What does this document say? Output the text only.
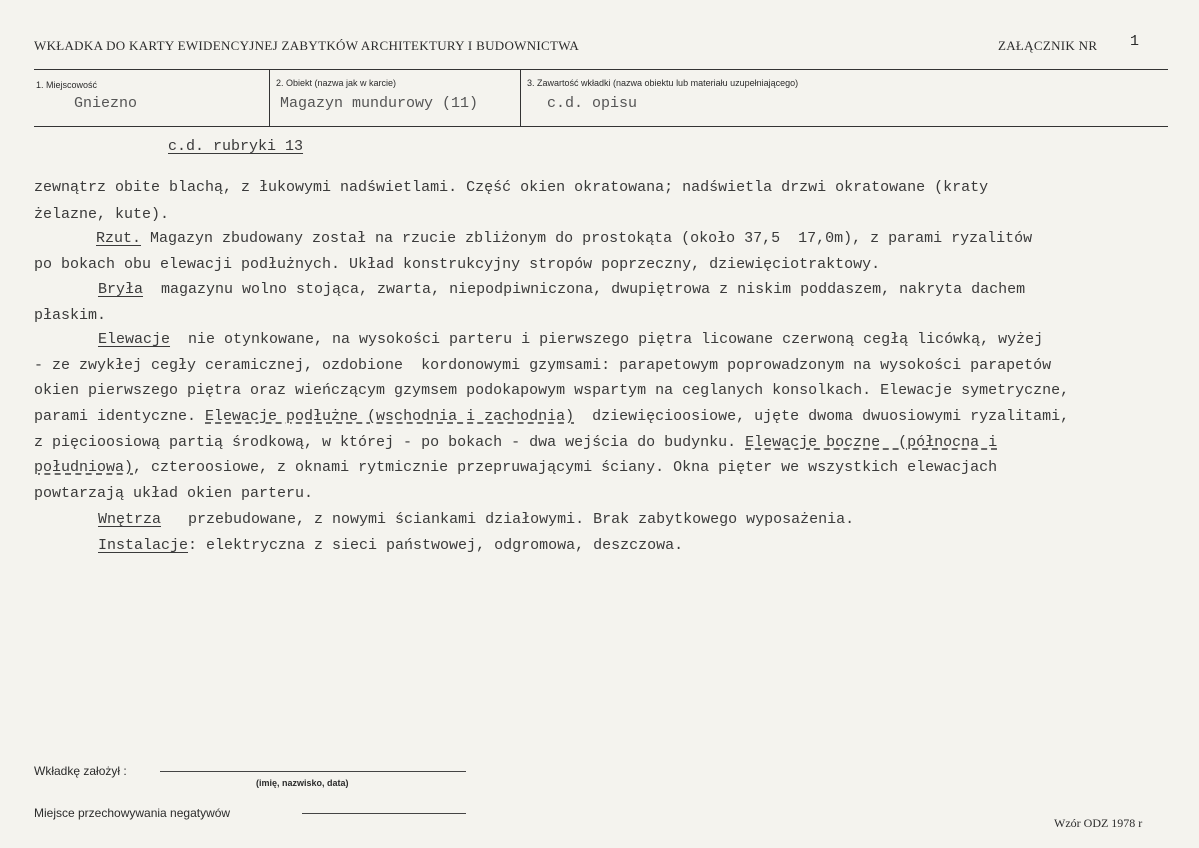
WKŁADKA DO KARTY EWIDENCYJNEJ ZABYTKÓW ARCHITEKTURY I BUDOWNICTWA	ZAŁĄCZNIK NR 1
1. Miejscowość
Gniezno
2. Obiekt (nazwa jak w karcie)
Magazyn mundurowy (11)
3. Zawartość wkładki (nazwa obiektu lub materiału uzupełniającego)
c.d. opisu
c.d. rubryki 13
zewnątrz obite blachą, z łukowymi nadświetlami. Część okien okratowana; nadświetla drzwi okratowane (kraty
żelazne, kute).
Rzut. Magazyn zbudowany został na rzucie zbliżonym do prostokąta (około 37,5  17,0m), z parami ryzalitów
po bokach obu elewacji podłużnych. Układ konstrukcyjny stropów poprzeczny, dziewięciotraktowy.
Bryła  magazynu wolno stojąca, zwarta, niepodpiwniczona, dwupiętrowa z niskim poddaszem, nakryta dachem
płaskim.
Elewacje  nie otynkowane, na wysokości parteru i pierwszego piętra licowane czerwoną cegłą licówką, wyżej
- ze zwykłej cegły ceramicznej, ozdobione  kordonowymi gzymsami: parapetowym poprowadzonym na wysokości parapetów
okien pierwszego piętra oraz wieńczącym gzymsem podokapowym wspartym na ceglanych konsolkach. Elewacje symetryczne,
parami identyczne. Elewacje podłużne (wschodnia i zachodnia)  dziewięcioosiowe, ujęte dwoma dwuosiowymi ryzalitami,
z pięcioosiową partią środkową, w której - po bokach - dwa wejścia do budynku. Elewacje boczne  (północna i
południowa), czteroosiowe, z oknami rytmicznie przepruwającymi ściany. Okna pięter we wszystkich elewacjach
powtarzają układ okien parteru.
Wnętrza   przebudowane, z nowymi ściankami działowymi. Brak zabytkowego wyposażenia.
Instalacje: elektryczna z sieci państwowej, odgromowa, deszczowa.
Wkładkę założył :
(imię, nazwisko, data)
Miejsce przechowywania negatywów
Wzór ODZ 1978 r
